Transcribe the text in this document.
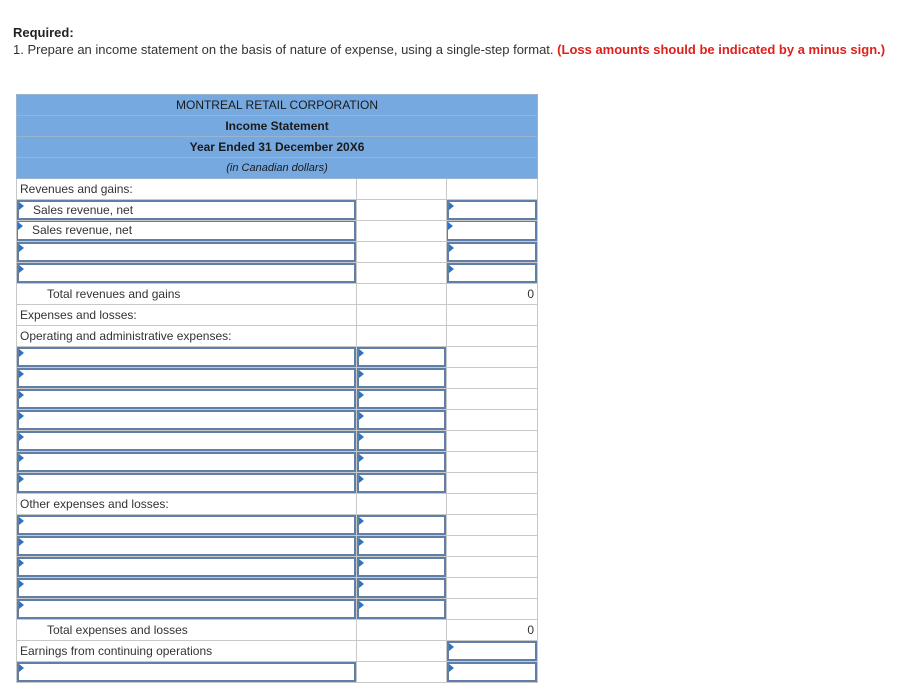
Required:
1. Prepare an income statement on the basis of nature of expense, using a single-step format. (Loss amounts should be indicated by a minus sign.)
MONTREAL RETAIL CORPORATION		
Income Statement		
Year Ended 31 December 20X6		
(in Canadian dollars)		
Revenues and gains:		

Sales revenue, net		

Sales revenue, net		

Total revenues and gains		0
Expenses and losses:		
Operating and administrative expenses:		

Other expenses and losses:		

Total expenses and losses		0
Earnings from continuing operations		
